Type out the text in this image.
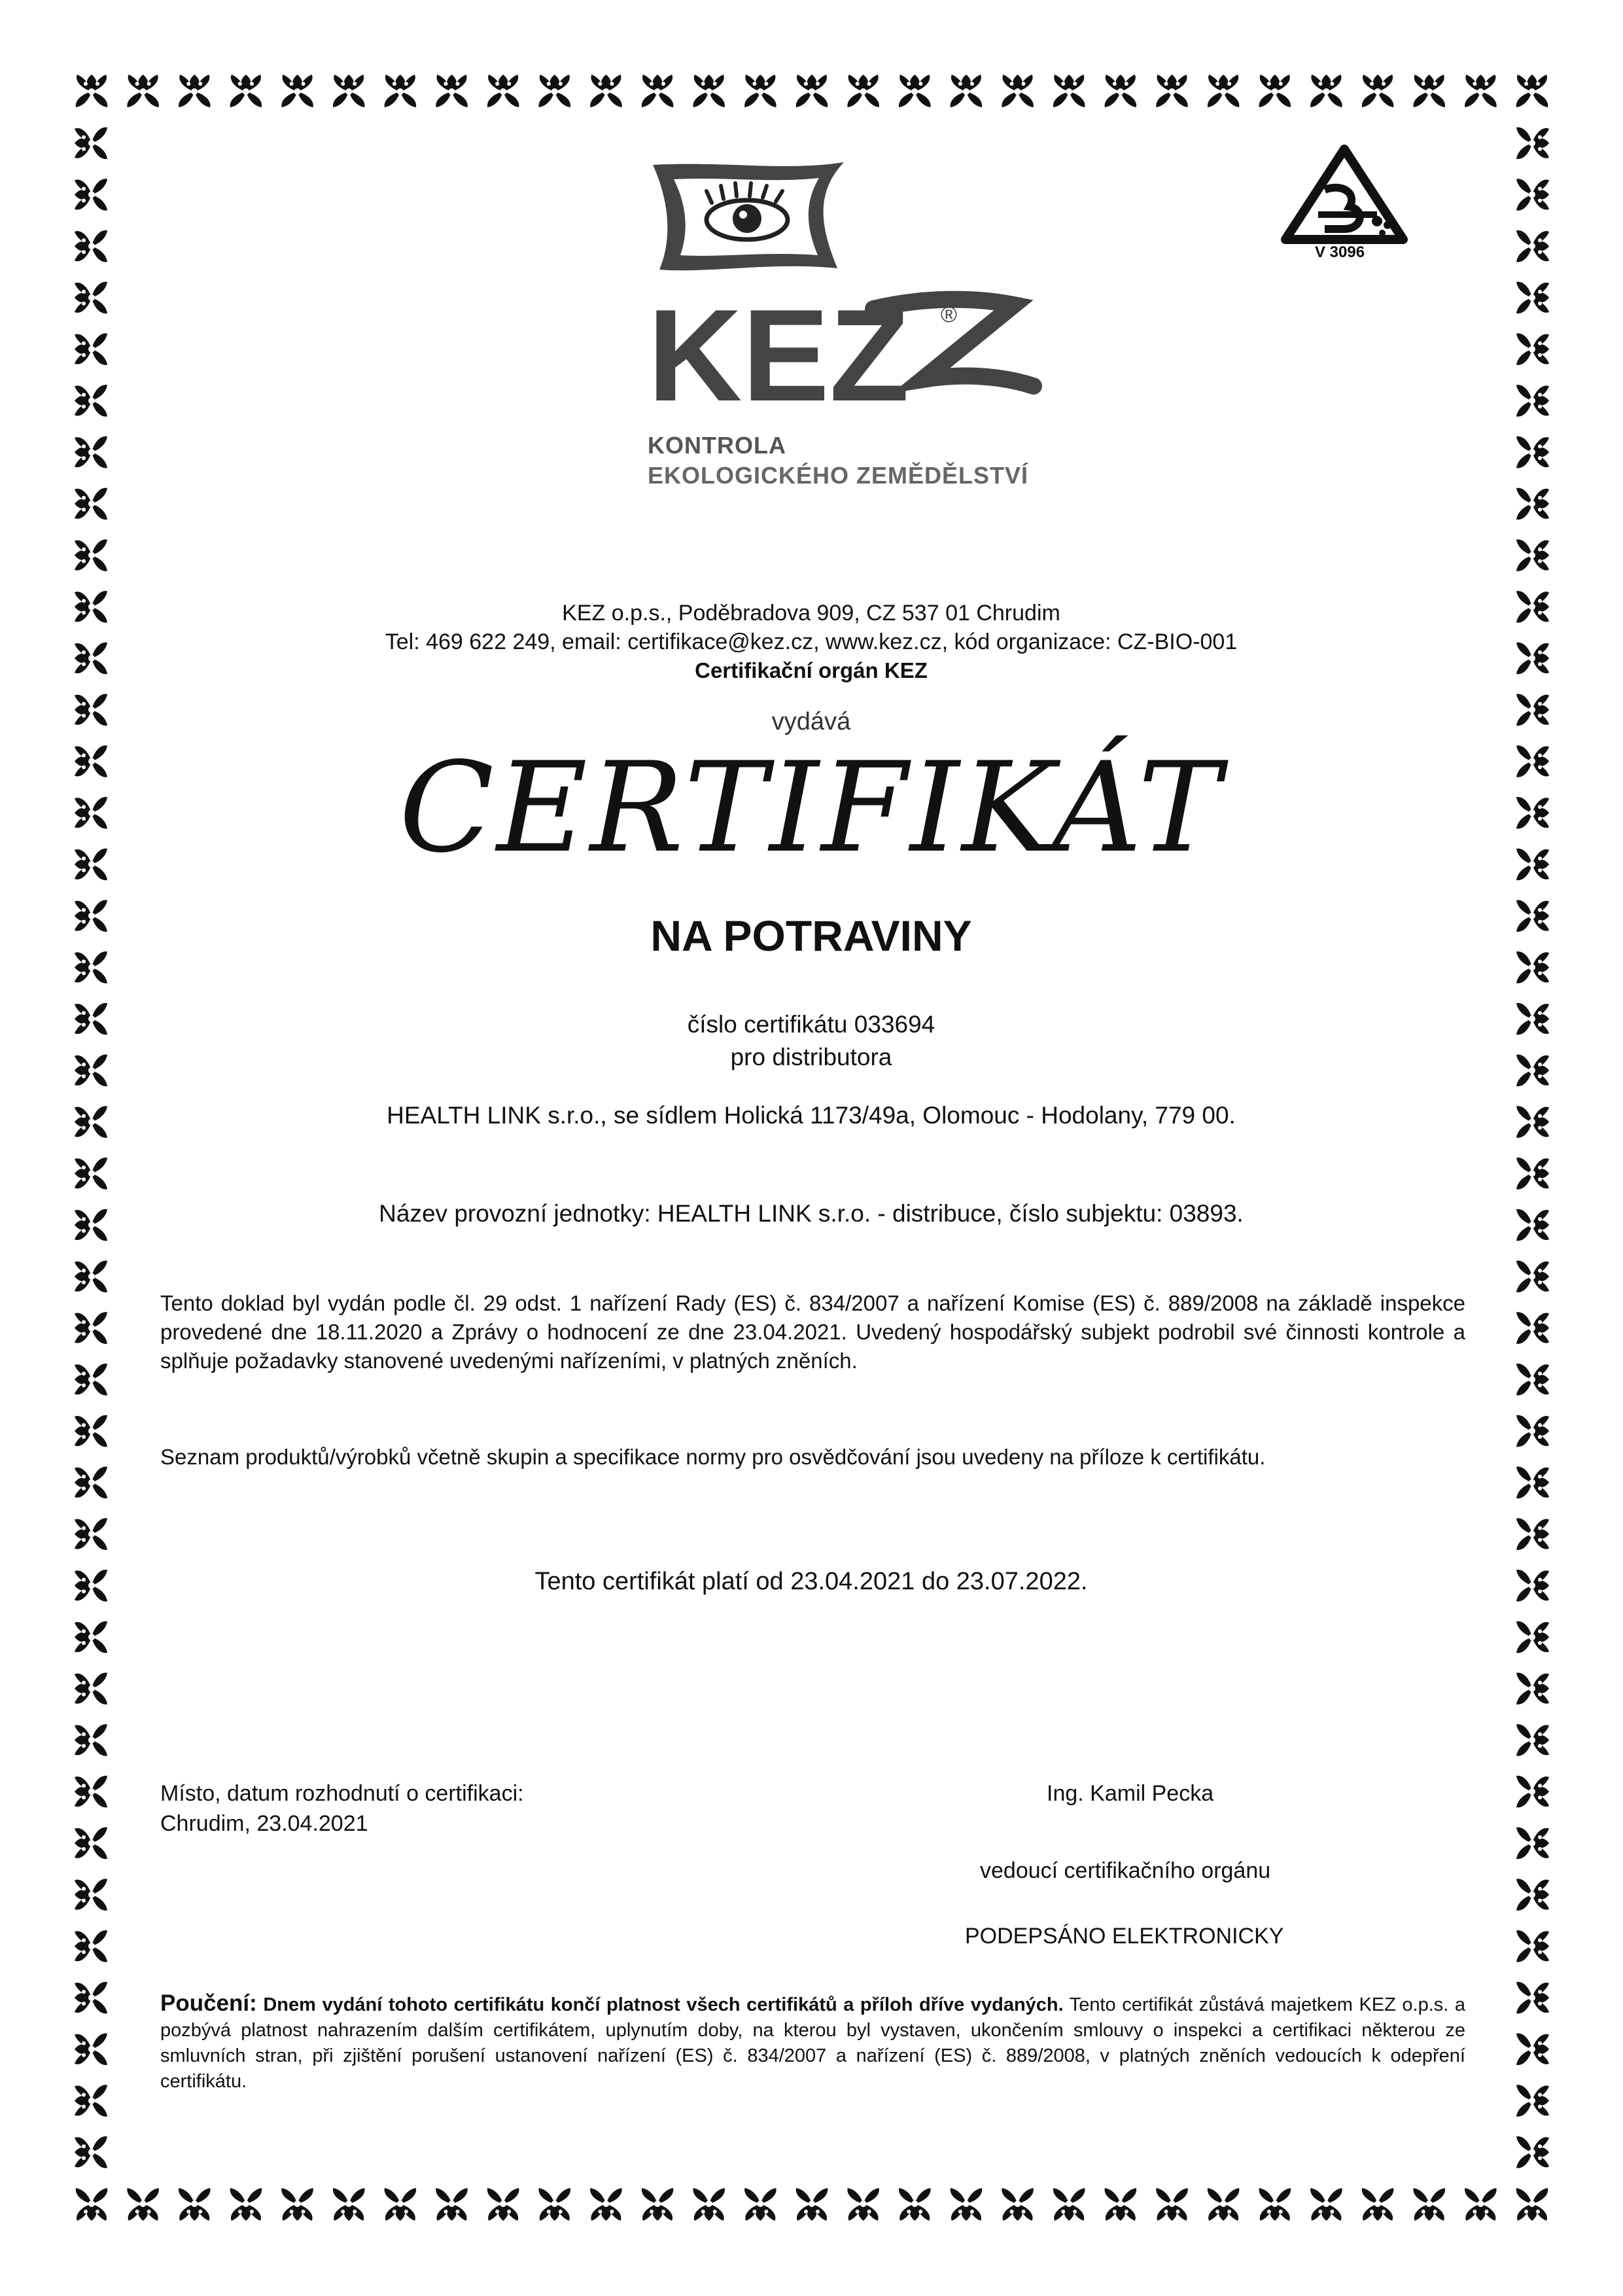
KEZ ®
KONTROLA
EKOLOGICKÉHO ZEMĚDĚLSTVÍ
V 3096
KEZ o.p.s., Poděbradova 909, CZ 537 01 Chrudim
Tel: 469 622 249, email: certifikace@kez.cz, www.kez.cz, kód organizace: CZ-BIO-001
Certifikační orgán KEZ
vydává
CERTIFIKÁT
NA POTRAVINY
číslo certifikátu 033694
pro distributora
HEALTH LINK s.r.o., se sídlem Holická 1173/49a, Olomouc - Hodolany, 779 00.
Název provozní jednotky: HEALTH LINK s.r.o. - distribuce, číslo subjektu: 03893.
Tento doklad byl vydán podle čl. 29 odst. 1 nařízení Rady (ES) č. 834/2007 a nařízení Komise (ES) č. 889/2008 na základě inspekce provedené dne 18.11.2020 a Zprávy o hodnocení ze dne 23.04.2021. Uvedený hospodářský subjekt podrobil své činnosti kontrole a splňuje požadavky stanovené uvedenými nařízeními, v platných zněních.
Seznam produktů/výrobků včetně skupin a specifikace normy pro osvědčování jsou uvedeny na příloze k certifikátu.
Tento certifikát platí od 23.04.2021 do 23.07.2022.
Místo, datum rozhodnutí o certifikaci:
Chrudim, 23.04.2021
Ing. Kamil Pecka
vedoucí certifikačního orgánu
PODEPSÁNO ELEKTRONICKY
Poučení: Dnem vydání tohoto certifikátu končí platnost všech certifikátů a příloh dříve vydaných. Tento certifikát zůstává majetkem KEZ o.p.s. a pozbývá platnost nahrazením dalším certifikátem, uplynutím doby, na kterou byl vystaven, ukončením smlouvy o inspekci a certifikaci některou ze smluvních stran, při zjištění porušení ustanovení nařízení (ES) č. 834/2007 a nařízení (ES) č. 889/2008, v platných zněních vedoucích k odepření certifikátu.
